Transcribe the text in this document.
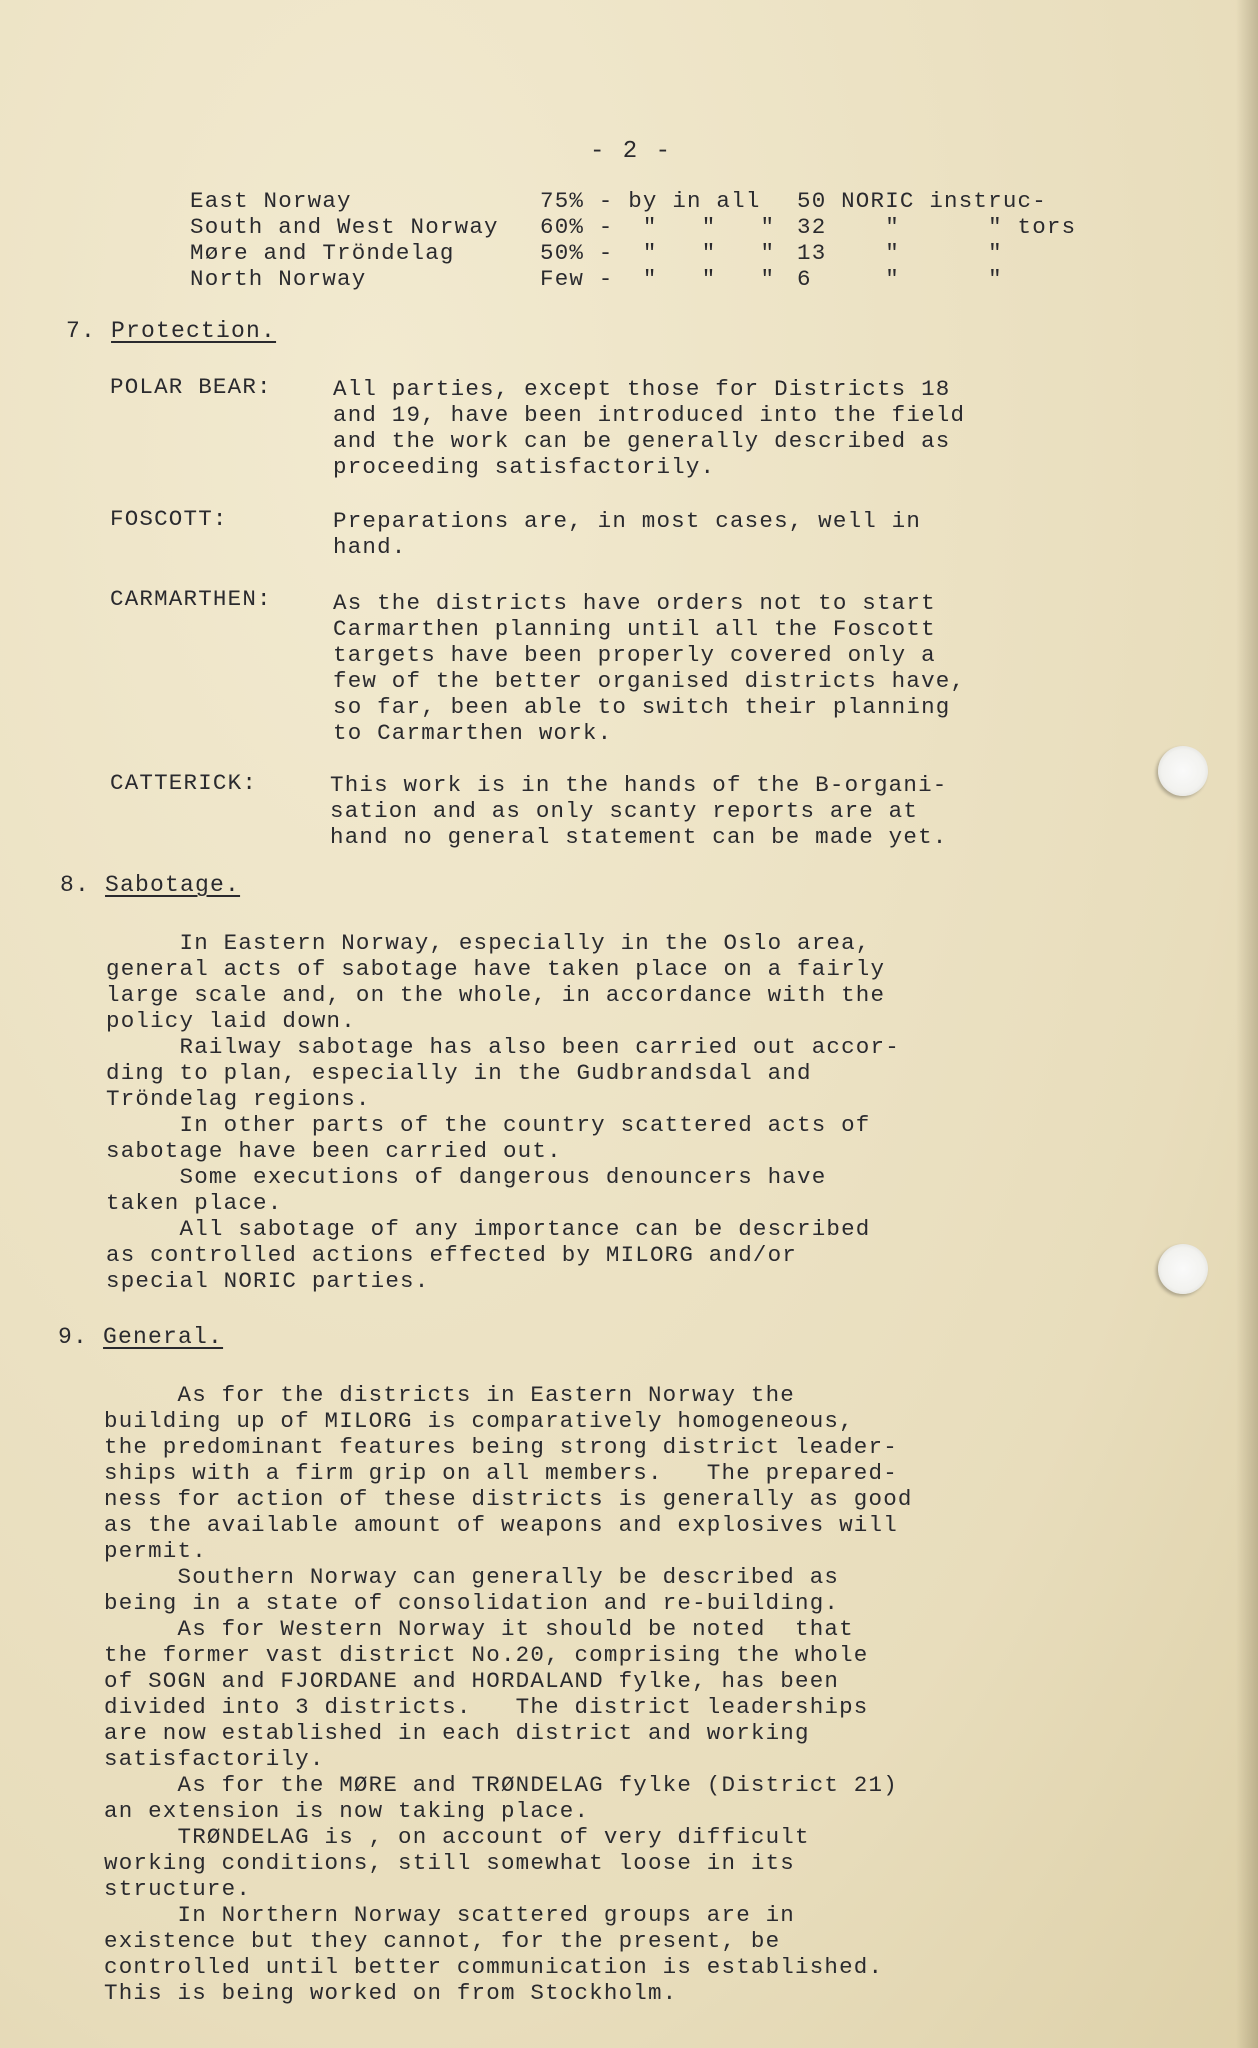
- 2 -
East Norway	75% - by in all 50 NORIC instruc-
South and West Norway 60% -  "   "   " 32    "      " tors
Møre and Tröndelag	50% -  "   "   " 13    "      "
North Norway	Few -  "   "   " 6     "      "
7. Protection.
POLAR BEAR:	All parties, except those for Districts 18
and 19, have been introduced into the field
and the work can be generally described as
proceeding satisfactorily.
FOSCOTT:	Preparations are, in most cases, well in
hand.
CARMARTHEN:	As the districts have orders not to start
Carmarthen planning until all the Foscott
targets have been properly covered only a
few of the better organised districts have,
so far, been able to switch their planning
to Carmarthen work.
CATTERICK:	This work is in the hands of the B-organi-
sation and as only scanty reports are at
hand no general statement can be made yet.
8. Sabotage.
In Eastern Norway, especially in the Oslo area,
general acts of sabotage have taken place on a fairly
large scale and, on the whole, in accordance with the
policy laid down.
Railway sabotage has also been carried out accor-
ding to plan, especially in the Gudbrandsdal and
Tröndelag regions.
In other parts of the country scattered acts of
sabotage have been carried out.
Some executions of dangerous denouncers have
taken place.
All sabotage of any importance can be described
as controlled actions effected by MILORG and/or
special NORIC parties.
9. General.
As for the districts in Eastern Norway the
building up of MILORG is comparatively homogeneous,
the predominant features being strong district leader-
ships with a firm grip on all members.   The prepared-
ness for action of these districts is generally as good
as the available amount of weapons and explosives will
permit.
Southern Norway can generally be described as
being in a state of consolidation and re-building.
As for Western Norway it should be noted  that
the former vast district No.20, comprising the whole
of SOGN and FJORDANE and HORDALAND fylke, has been
divided into 3 districts.   The district leaderships
are now established in each district and working
satisfactorily.
As for the MØRE and TRØNDELAG fylke (District 21)
an extension is now taking place.
TRØNDELAG is , on account of very difficult
working conditions, still somewhat loose in its
structure.
In Northern Norway scattered groups are in
existence but they cannot, for the present, be
controlled until better communication is established.
This is being worked on from Stockholm.
